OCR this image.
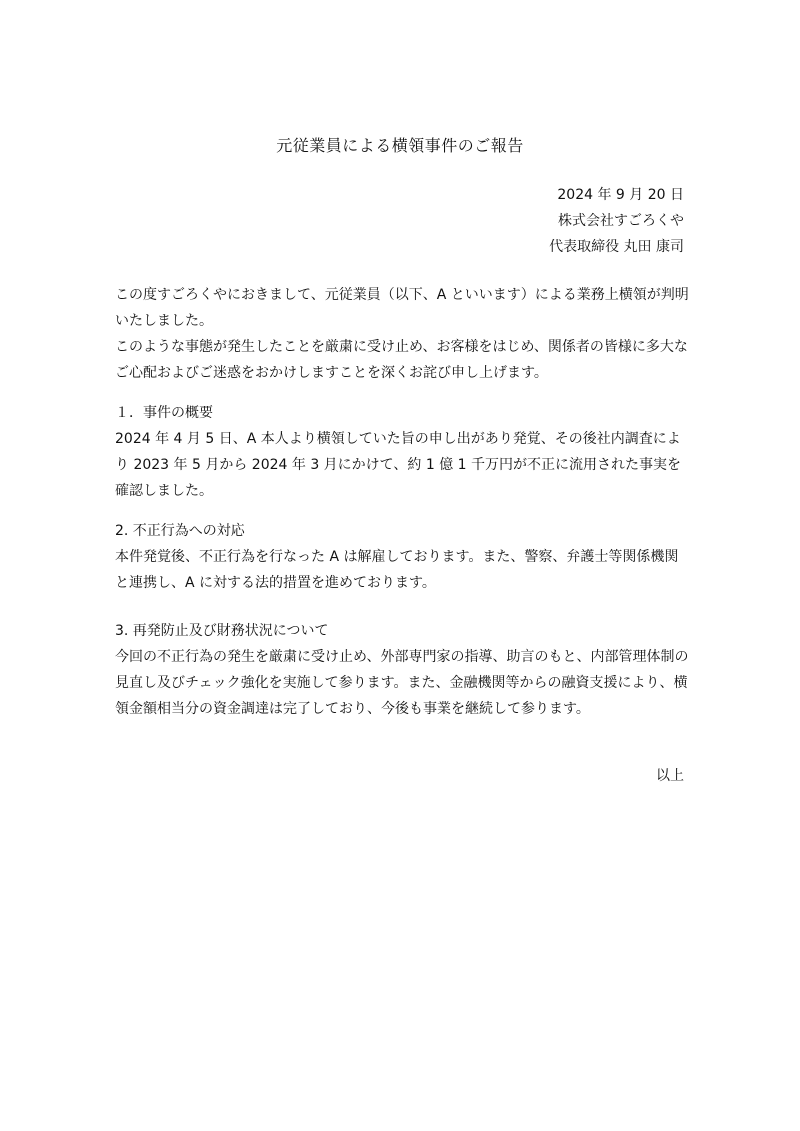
元従業員による横領事件のご報告
2024 年 9 月 20 日
株式会社すごろくや
代表取締役 丸田 康司

この度すごろくやにおきまして、元従業員（以下、A といいます）による業務上横領が判明いたしました。

このような事態が発生したことを厳粛に受け止め、お客様をはじめ、関係者の皆様に多大なご心配およびご迷惑をおかけしますことを深くお詫び申し上げます。

１．事件の概要

2024 年 4 月 5 日、A 本人より横領していた旨の申し出があり発覚、その後社内調査により 2023 年 5 月から 2024 年 3 月にかけて、約 1 億 1 千万円が不正に流用された事実を確認しました。

2. 不正行為への対応

本件発覚後、不正行為を行なった A は解雇しております。また、警察、弁護士等関係機関と連携し、A に対する法的措置を進めております。

3. 再発防止及び財務状況について

今回の不正行為の発生を厳粛に受け止め、外部専門家の指導、助言のもと、内部管理体制の見直し及びチェック強化を実施して参ります。また、金融機関等からの融資支援により、横領金額相当分の資金調達は完了しており、今後も事業を継続して参ります。

以上
